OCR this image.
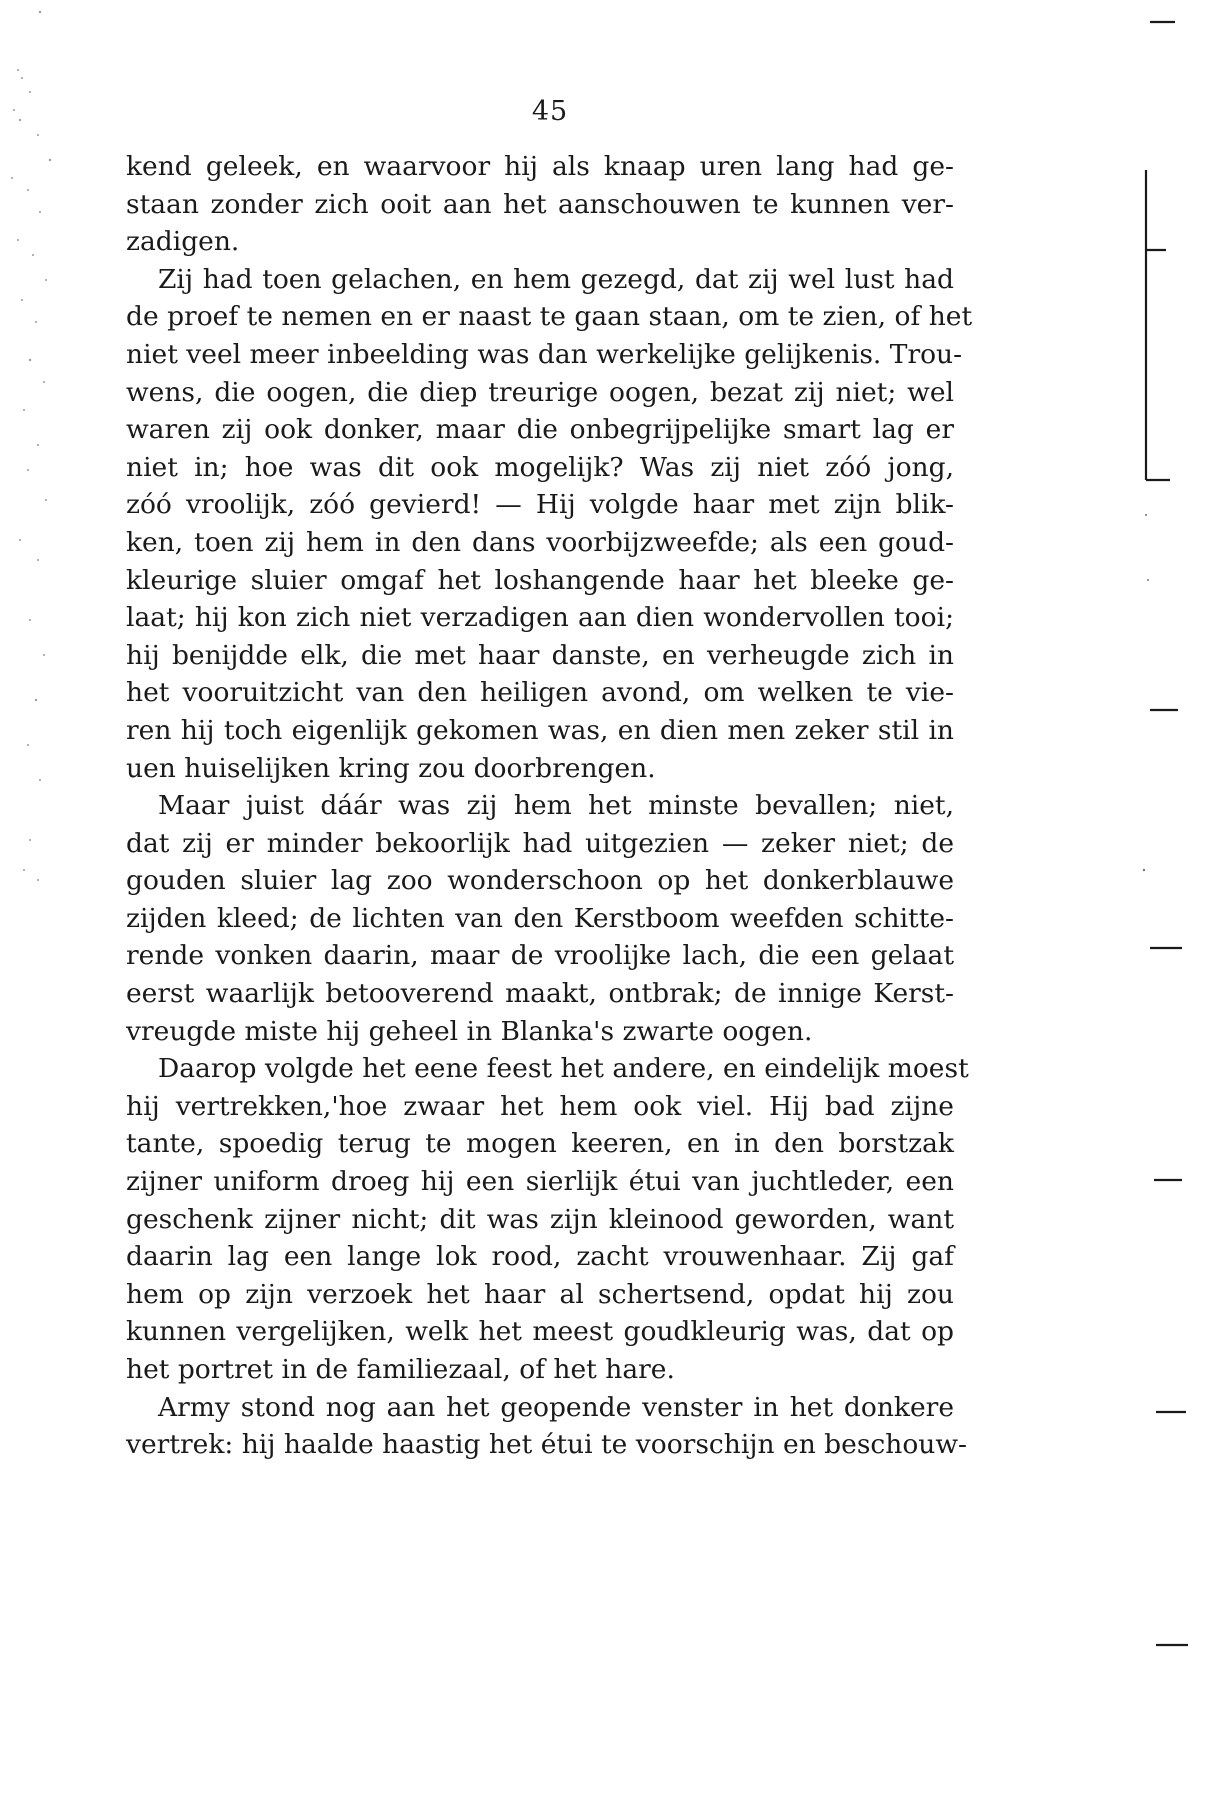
45
kend geleek, en waarvoor hij als knaap uren lang had ge-
staan zonder zich ooit aan het aanschouwen te kunnen ver-
zadigen.
Zij had toen gelachen, en hem gezegd, dat zij wel lust had
de proef te nemen en er naast te gaan staan, om te zien, of het
niet veel meer inbeelding was dan werkelijke gelijkenis. Trou-
wens, die oogen, die diep treurige oogen, bezat zij niet; wel
waren zij ook donker, maar die onbegrijpelijke smart lag er
niet in; hoe was dit ook mogelijk? Was zij niet zóó jong,
zóó vroolijk, zóó gevierd! — Hij volgde haar met zijn blik-
ken, toen zij hem in den dans voorbijzweefde; als een goud-
kleurige sluier omgaf het loshangende haar het bleeke ge-
laat; hij kon zich niet verzadigen aan dien wondervollen tooi;
hij benijdde elk, die met haar danste, en verheugde zich in
het vooruitzicht van den heiligen avond, om welken te vie-
ren hij toch eigenlijk gekomen was, en dien men zeker stil in
uen huiselijken kring zou doorbrengen.
Maar juist dáár was zij hem het minste bevallen; niet,
dat zij er minder bekoorlijk had uitgezien — zeker niet; de
gouden sluier lag zoo wonderschoon op het donkerblauwe
zijden kleed; de lichten van den Kerstboom weefden schitte-
rende vonken daarin, maar de vroolijke lach, die een gelaat
eerst waarlijk betooverend maakt, ontbrak; de innige Kerst-
vreugde miste hij geheel in Blanka's zwarte oogen.
Daarop volgde het eene feest het andere, en eindelijk moest
hij vertrekken,'hoe zwaar het hem ook viel. Hij bad zijne
tante, spoedig terug te mogen keeren, en in den borstzak
zijner uniform droeg hij een sierlijk étui van juchtleder, een
geschenk zijner nicht; dit was zijn kleinood geworden, want
daarin lag een lange lok rood, zacht vrouwenhaar. Zij gaf
hem op zijn verzoek het haar al schertsend, opdat hij zou
kunnen vergelijken, welk het meest goudkleurig was, dat op
het portret in de familiezaal, of het hare.
Army stond nog aan het geopende venster in het donkere
vertrek: hij haalde haastig het étui te voorschijn en beschouw-
